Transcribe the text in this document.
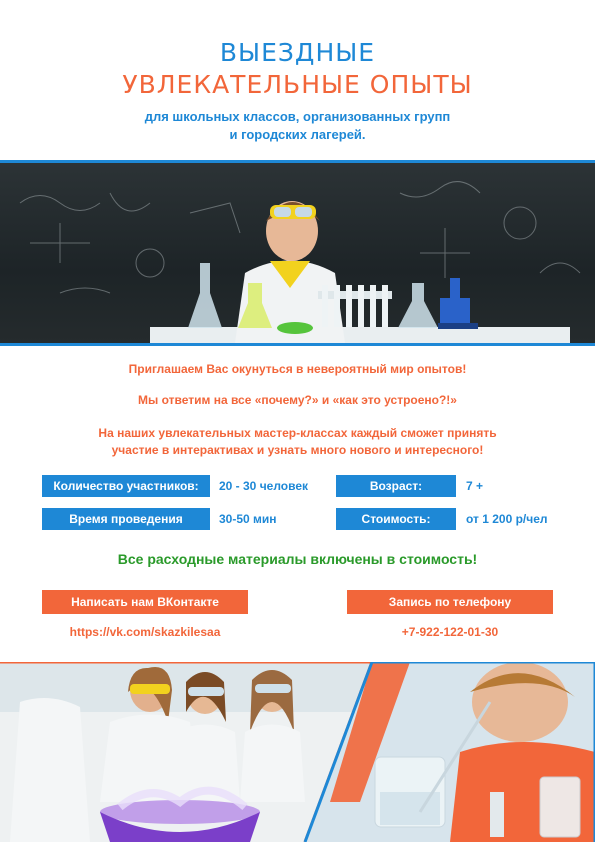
ВЫЕЗДНЫЕ
УВЛЕКАТЕЛЬНЫЕ ОПЫТЫ
для школьных классов, организованных групп
и городских лагерей.
Приглашаем Вас окунуться в невероятный мир опытов!
Мы ответим на все «почему?» и «как это устроено?!»
На наших увлекательных мастер-классах каждый сможет принять
участие в интерактивах и узнать много нового и интересного!
Количество участников:	20 - 30 человек	Возраст:	7 +
Время проведения	30-50 мин	Стоимость:	от 1 200 р/чел
Все расходные материалы включены в стоимость!
Написать нам ВКонтакте
https://vk.com/skazkilesaa
Запись по телефону
+7-922-122-01-30
